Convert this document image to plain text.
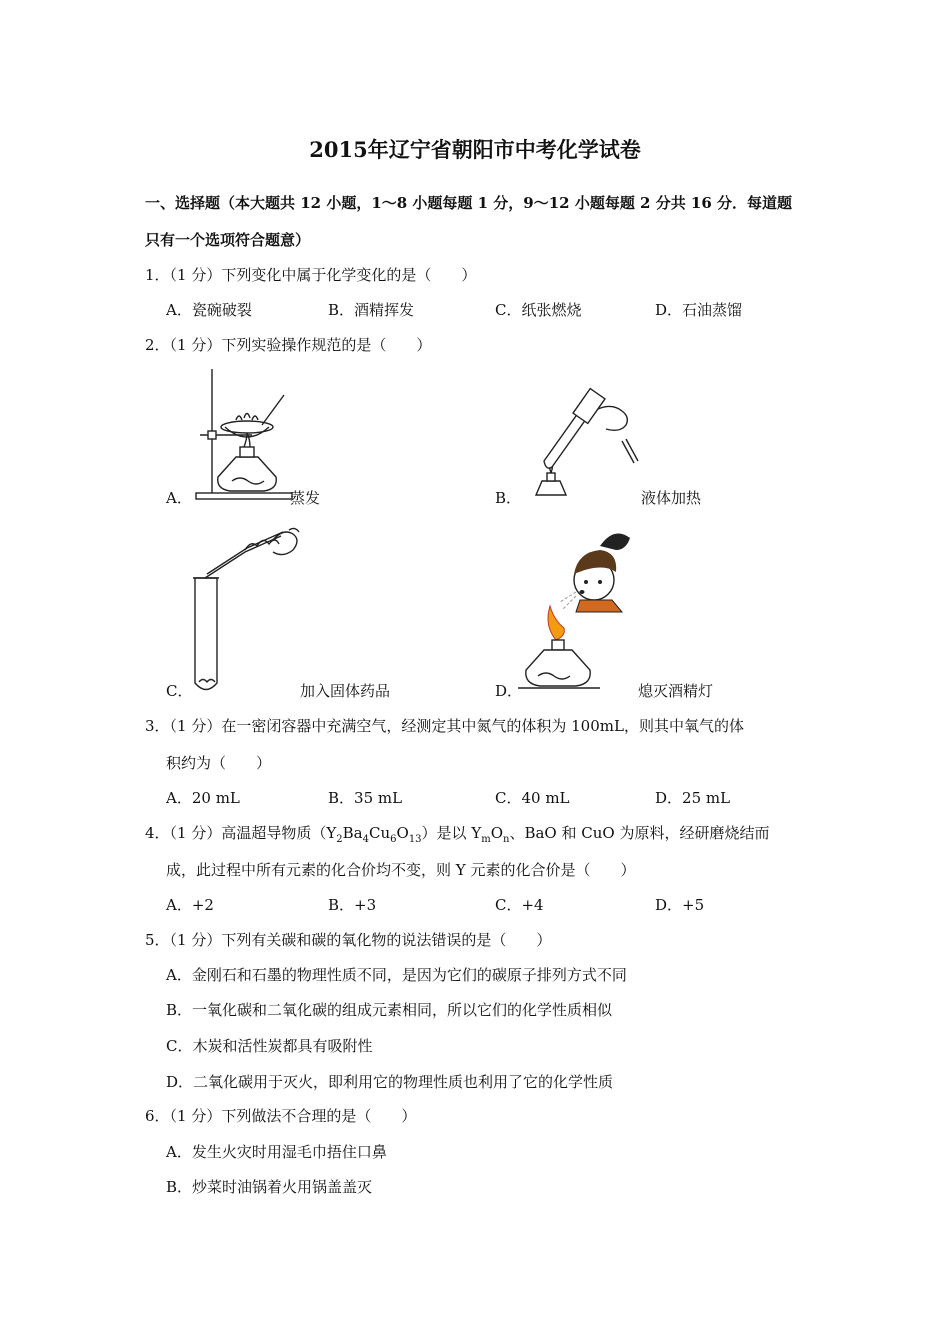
2015年辽宁省朝阳市中考化学试卷
一、选择题（本大题共 12 小题，1～8 小题每题 1 分，9～12 小题每题 2 分共 16 分．每道题
只有一个选项符合题意）
1．（1 分）下列变化中属于化学变化的是（　　）
A．瓷碗破裂	B．酒精挥发	C．纸张燃烧	D．石油蒸馏
2．（1 分）下列实验操作规范的是（　　）
A．	蒸发	B．	液体加热
C．	加入固体药品	D．	熄灭酒精灯
3．（1 分）在一密闭容器中充满空气，经测定其中氮气的体积为 100mL，则其中氧气的体
积约为（　　）
A．20 mL	B．35 mL	C．40 mL	D．25 mL
4．（1 分）高温超导物质$(Y_2Ba_4Cu_6O_{13})$是以 $Y_mO_n$、BaO 和 CuO 为原料，经研磨烧结而
成，此过程中所有元素的化合价均不变，则 Y 元素的化合价是（　　）
A．+2	B．+3	C．+4	D．+5
5．（1 分）下列有关碳和碳的氧化物的说法错误的是（　　）
A．金刚石和石墨的物理性质不同，是因为它们的碳原子排列方式不同
B．一氧化碳和二氧化碳的组成元素相同，所以它们的化学性质相似
C．木炭和活性炭都具有吸附性
D．二氧化碳用于灭火，即利用它的物理性质也利用了它的化学性质
6．（1 分）下列做法不合理的是（　　）
A．发生火灾时用湿毛巾捂住口鼻
B．炒菜时油锅着火用锅盖盖灭
